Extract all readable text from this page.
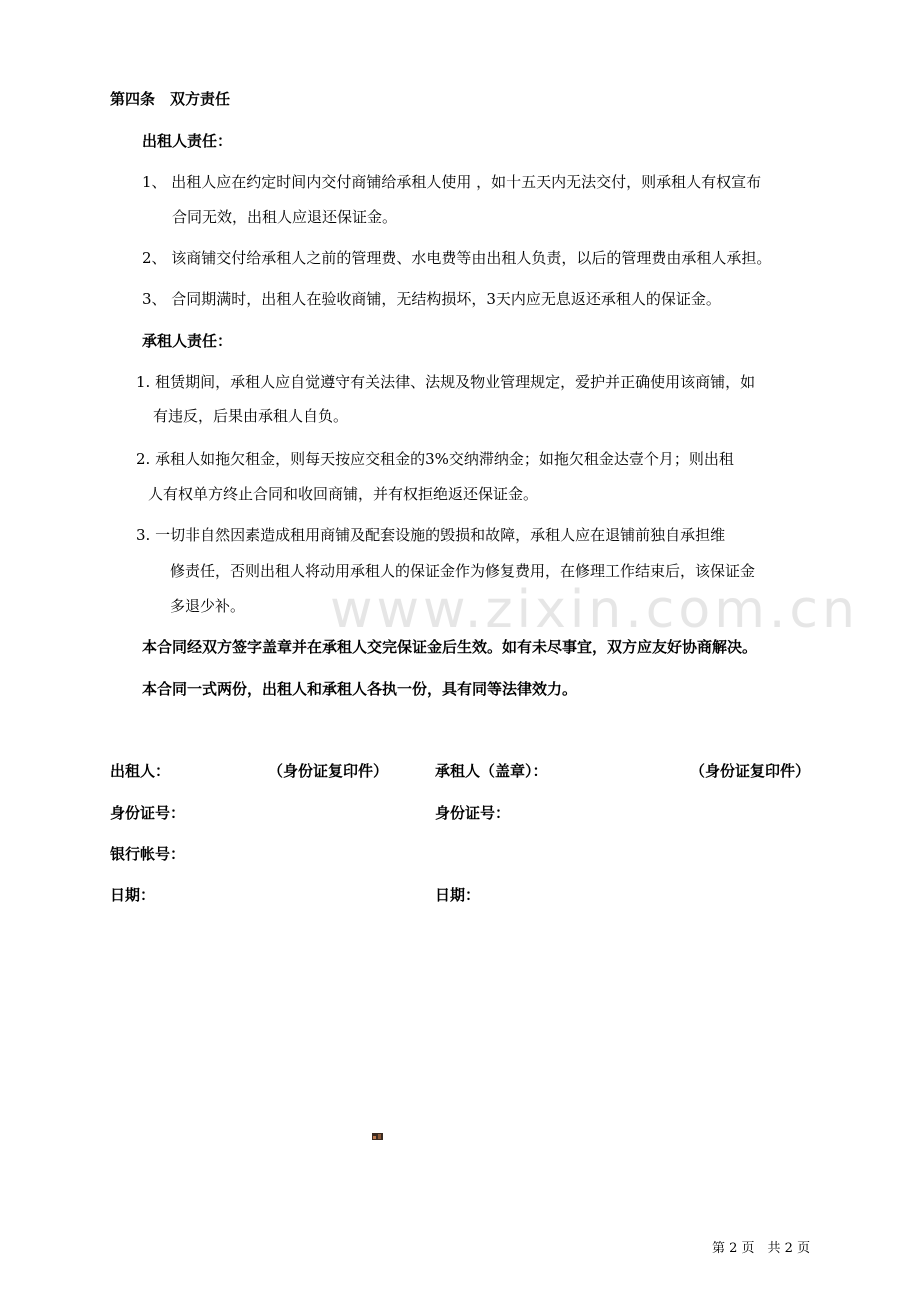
www.zixin.com.cn
第四条　双方责任
出租人责任：
1、 出租人应在约定时间内交付商铺给承租人使用 ，如十五天内无法交付，则承租人有权宣布
合同无效，出租人应退还保证金。
2、 该商铺交付给承租人之前的管理费、水电费等由出租人负责，以后的管理费由承租人承担。
3、 合同期满时，出租人在验收商铺，无结构损坏，3天内应无息返还承租人的保证金。
承租人责任：
1. 租赁期间，承租人应自觉遵守有关法律、法规及物业管理规定，爱护并正确使用该商铺，如
有违反，后果由承租人自负。
2. 承租人如拖欠租金，则每天按应交租金的3%交纳滞纳金；如拖欠租金达壹个月；则出租
人有权单方终止合同和收回商铺，并有权拒绝返还保证金。
3. 一切非自然因素造成租用商铺及配套设施的毁损和故障，承租人应在退铺前独自承担维
修责任，否则出租人将动用承租人的保证金作为修复费用，在修理工作结束后，该保证金
多退少补。
本合同经双方签字盖章并在承租人交完保证金后生效。如有未尽事宜，双方应友好协商解决。
本合同一式两份，出租人和承租人各执一份，具有同等法律效力。
出租人：	（身份证复印件）	承租人（盖章）：	（身份证复印件）
身份证号：	身份证号：
银行帐号：
日期：	日期：
第 2 页　共 2 页
